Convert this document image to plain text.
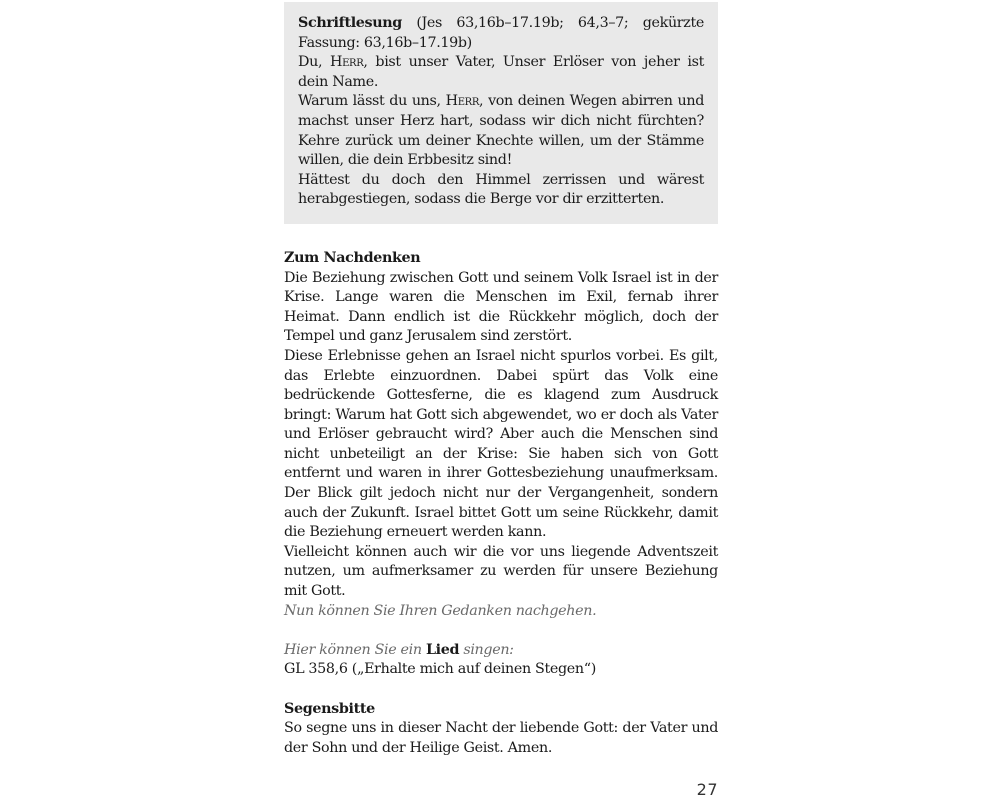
Schriftlesung (Jes 63,16b–17.19b; 64,3–7; gekürzte Fassung: 63,16b–17.19b)

Du, Herr, bist unser Vater, Unser Erlöser von jeher ist dein Name.

Warum lässt du uns, Herr, von deinen Wegen abirren und machst unser Herz hart, sodass wir dich nicht fürchten? Kehre zurück um deiner Knechte willen, um der Stämme willen, die dein Erbbesitz sind!

Hättest du doch den Himmel zerrissen und wärest herabgestiegen, sodass die Berge vor dir erzitterten.

Zum Nachdenken

Die Beziehung zwischen Gott und seinem Volk Israel ist in der Krise. Lange waren die Menschen im Exil, fernab ihrer Heimat. Dann endlich ist die Rückkehr möglich, doch der Tempel und ganz Jerusalem sind zerstört.

Diese Erlebnisse gehen an Israel nicht spurlos vorbei. Es gilt, das Erlebte einzuordnen. Dabei spürt das Volk eine bedrückende Gottesferne, die es klagend zum Ausdruck bringt: Warum hat Gott sich abgewendet, wo er doch als Vater und Erlöser gebraucht wird? Aber auch die Menschen sind nicht unbeteiligt an der Krise: Sie haben sich von Gott entfernt und waren in ihrer Gottesbeziehung unaufmerksam. Der Blick gilt jedoch nicht nur der Vergangenheit, sondern auch der Zukunft. Israel bittet Gott um seine Rückkehr, damit die Beziehung erneuert werden kann.

Vielleicht können auch wir die vor uns liegende Adventszeit nutzen, um aufmerksamer zu werden für unsere Beziehung mit Gott.

Nun können Sie Ihren Gedanken nachgehen.

Hier können Sie ein Lied singen:

GL 358,6 („Erhalte mich auf deinen Stegen“)

Segensbitte

So segne uns in dieser Nacht der liebende Gott: der Vater und der Sohn und der Heilige Geist. Amen.

27
